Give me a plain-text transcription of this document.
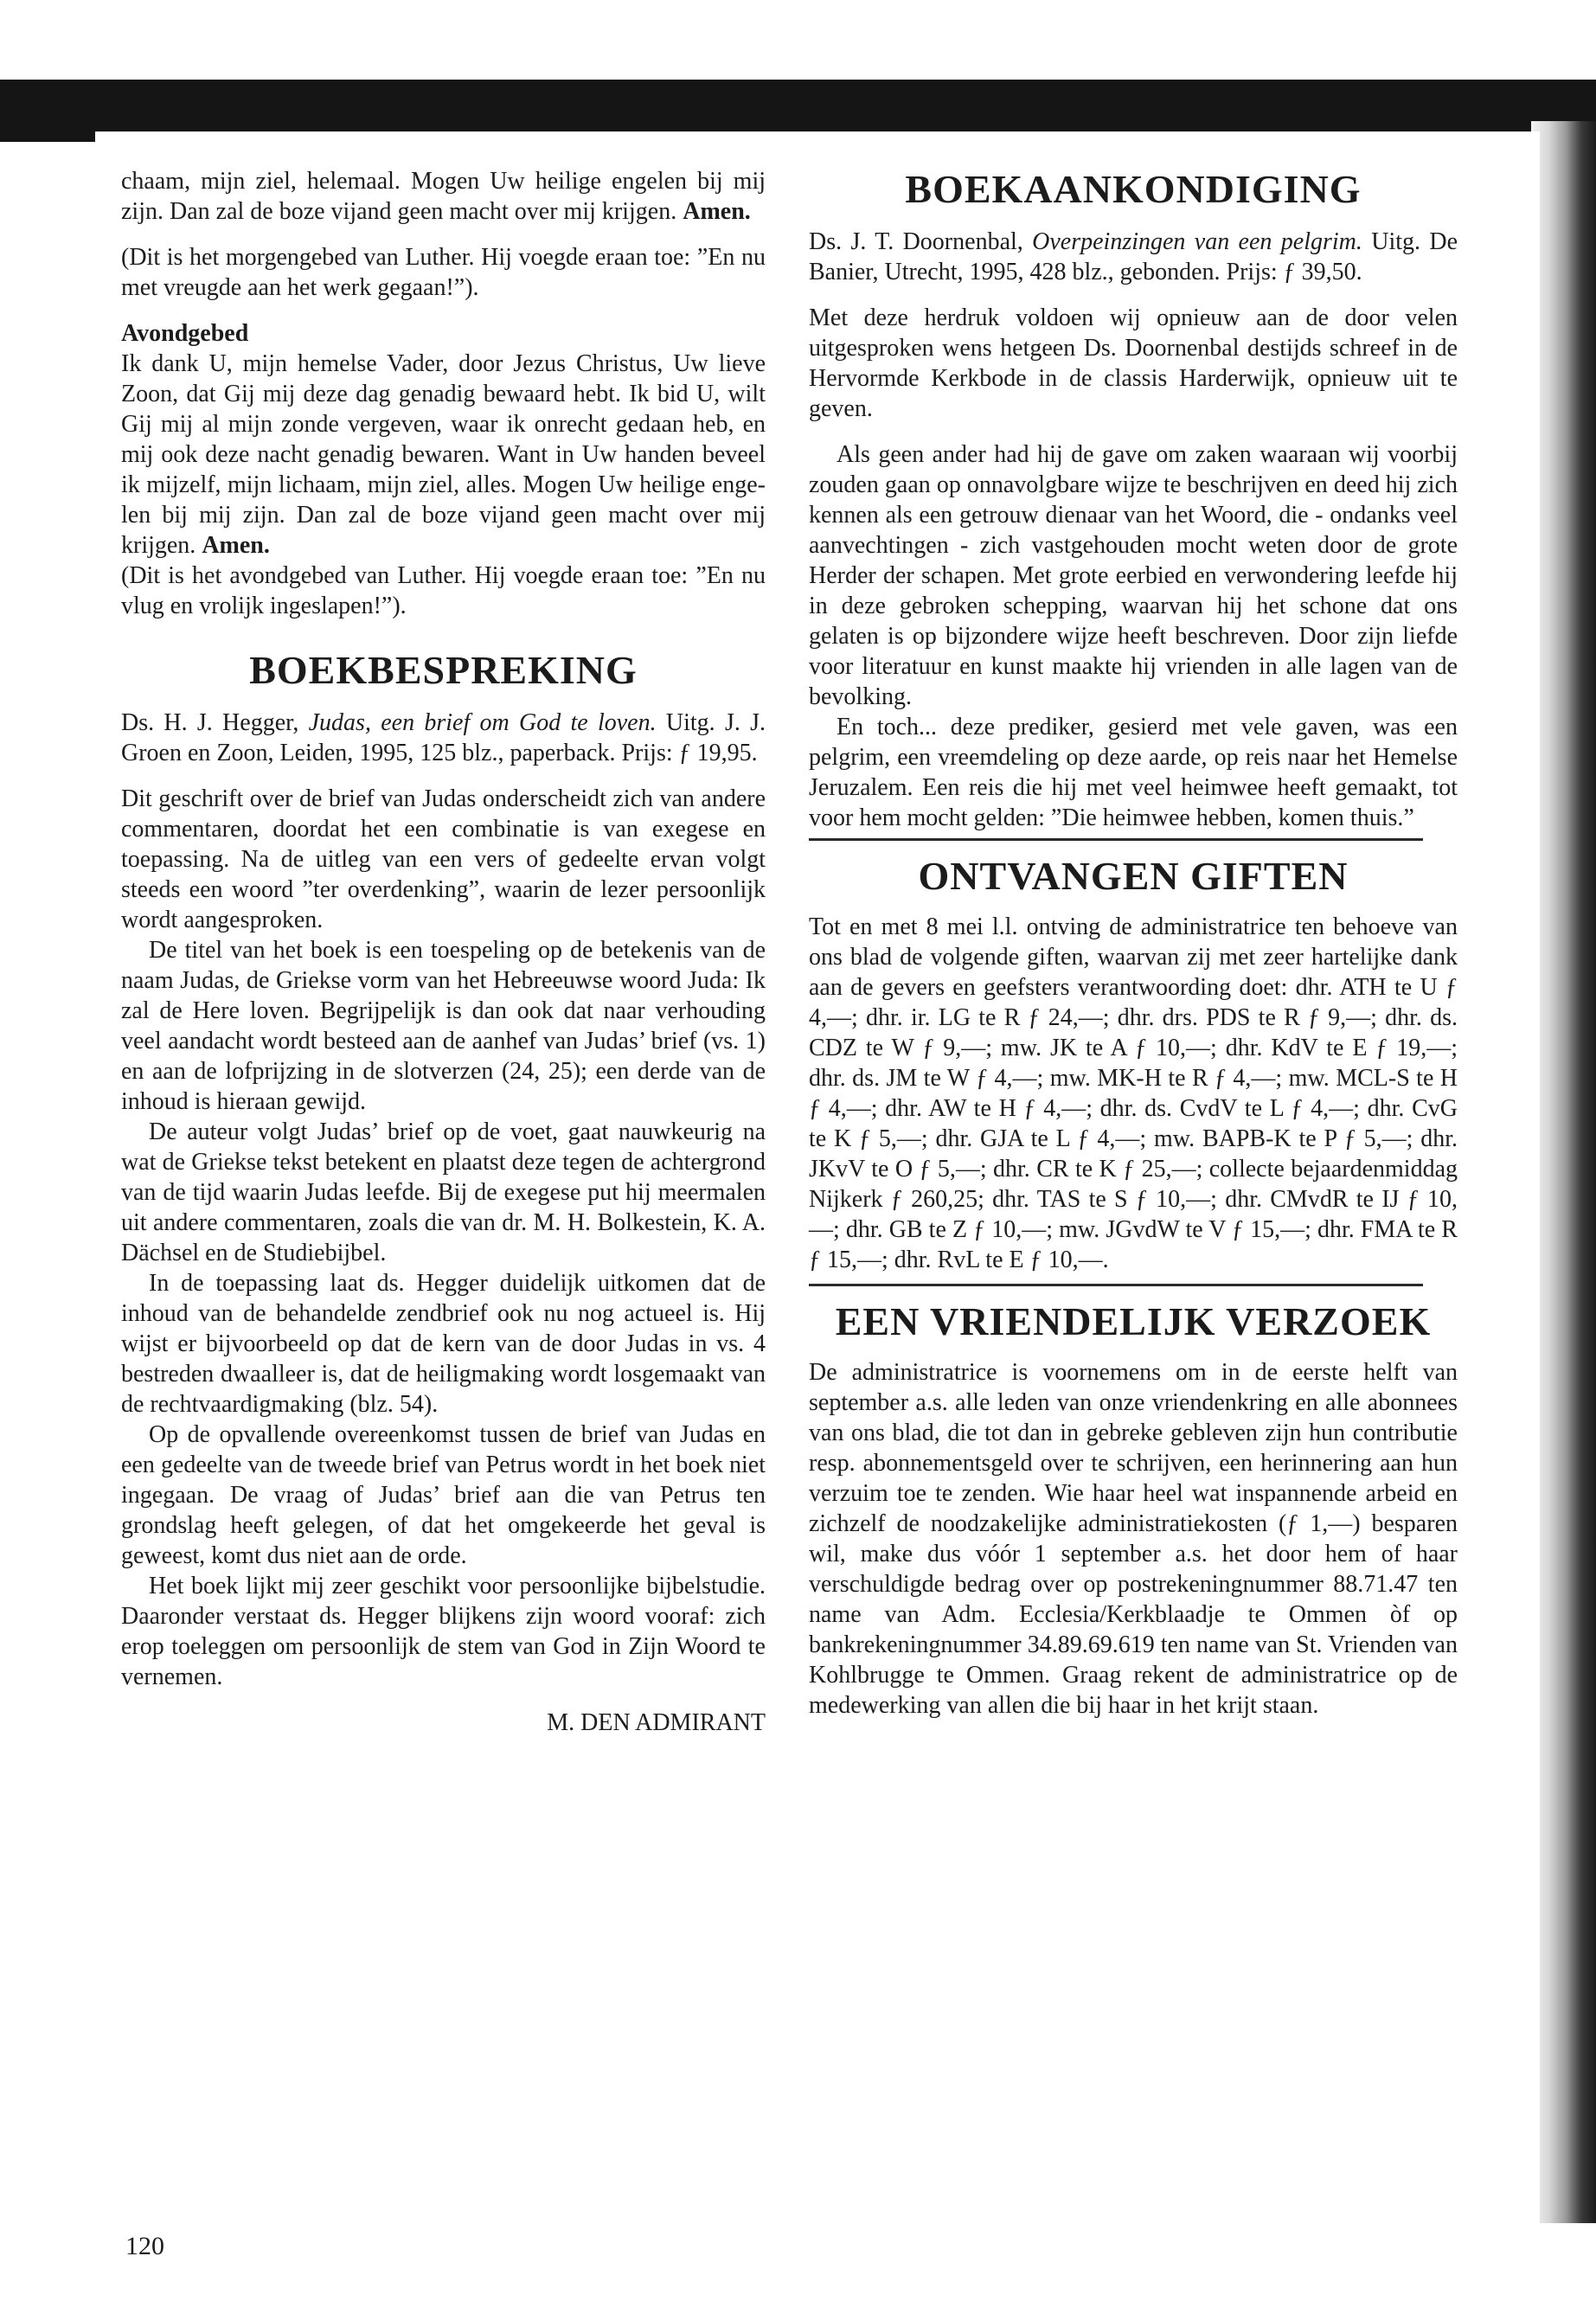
chaam, mijn ziel, helemaal. Mogen Uw heilige engelen bij mij zijn. Dan zal de boze vijand geen macht over mij krijgen. Amen.

(Dit is het morgengebed van Luther. Hij voegde eraan toe: ”En nu met vreugde aan het werk gegaan!”).

Avondgebed

Ik dank U, mijn hemelse Vader, door Jezus Christus, Uw lieve Zoon, dat Gij mij deze dag genadig bewaard hebt. Ik bid U, wilt Gij mij al mijn zonde vergeven, waar ik onrecht gedaan heb, en mij ook deze nacht genadig bewaren. Want in Uw handen beveel ik mijzelf, mijn lichaam, mijn ziel, alles. Mogen Uw heilige engelen bij mij zijn. Dan zal de boze vijand geen macht over mij krijgen. Amen.

(Dit is het avondgebed van Luther. Hij voegde eraan toe: ”En nu vlug en vrolijk ingeslapen!”).

BOEKBESPREKING

Ds. H. J. Hegger, Judas, een brief om God te loven. Uitg. J. J. Groen en Zoon, Leiden, 1995, 125 blz., paperback. Prijs: ƒ 19,95.

Dit geschrift over de brief van Judas onderscheidt zich van andere commentaren, doordat het een combinatie is van exegese en toepassing. Na de uitleg van een vers of gedeelte ervan volgt steeds een woord ”ter overdenking”, waarin de lezer persoonlijk wordt aangesproken.

De titel van het boek is een toespeling op de betekenis van de naam Judas, de Griekse vorm van het Hebreeuwse woord Juda: Ik zal de Here loven. Begrijpelijk is dan ook dat naar verhouding veel aandacht wordt besteed aan de aanhef van Judas’ brief (vs. 1) en aan de lofprijzing in de slotverzen (24, 25); een derde van de inhoud is hieraan gewijd.

De auteur volgt Judas’ brief op de voet, gaat nauwkeurig na wat de Griekse tekst betekent en plaatst deze tegen de achtergrond van de tijd waarin Judas leefde. Bij de exegese put hij meermalen uit andere commentaren, zoals die van dr. M. H. Bolkestein, K. A. Dächsel en de Studiebijbel.

In de toepassing laat ds. Hegger duidelijk uitkomen dat de inhoud van de behandelde zendbrief ook nu nog actueel is. Hij wijst er bijvoorbeeld op dat de kern van de door Judas in vs. 4 bestreden dwaalleer is, dat de heiligmaking wordt losgemaakt van de rechtvaardigmaking (blz. 54).

Op de opvallende overeenkomst tussen de brief van Judas en een gedeelte van de tweede brief van Petrus wordt in het boek niet ingegaan. De vraag of Judas’ brief aan die van Petrus ten grondslag heeft gelegen, of dat het omgekeerde het geval is geweest, komt dus niet aan de orde.

Het boek lijkt mij zeer geschikt voor persoonlijke bijbelstudie. Daaronder verstaat ds. Hegger blijkens zijn woord vooraf: zich erop toeleggen om persoonlijk de stem van God in Zijn Woord te vernemen.

M. DEN ADMIRANT

BOEKAANKONDIGING

Ds. J. T. Doornenbal, Overpeinzingen van een pelgrim. Uitg. De Banier, Utrecht, 1995, 428 blz., gebonden. Prijs: ƒ 39,50.

Met deze herdruk voldoen wij opnieuw aan de door velen uitgesproken wens hetgeen Ds. Doornenbal destijds schreef in de Hervormde Kerkbode in de classis Harderwijk, opnieuw uit te geven.

Als geen ander had hij de gave om zaken waaraan wij voorbij zouden gaan op onnavolgbare wijze te beschrijven en deed hij zich kennen als een getrouw dienaar van het Woord, die - ondanks veel aanvechtingen - zich vastgehouden mocht weten door de grote Herder der schapen. Met grote eerbied en verwondering leefde hij in deze gebroken schepping, waarvan hij het schone dat ons gelaten is op bijzondere wijze heeft beschreven. Door zijn liefde voor literatuur en kunst maakte hij vrienden in alle lagen van de bevolking.

En toch... deze prediker, gesierd met vele gaven, was een pelgrim, een vreemdeling op deze aarde, op reis naar het Hemelse Jeruzalem. Een reis die hij met veel heimwee heeft gemaakt, tot voor hem mocht gelden: ”Die heimwee hebben, komen thuis.”

ONTVANGEN GIFTEN

Tot en met 8 mei l.l. ontving de administratrice ten behoeve van ons blad de volgende giften, waarvan zij met zeer hartelijke dank aan de gevers en geefsters verantwoording doet: dhr. ATH te U ƒ 4,—; dhr. ir. LG te R ƒ 24,—; dhr. drs. PDS te R ƒ 9,—; dhr. ds. CDZ te W ƒ 9,—; mw. JK te A ƒ 10,—; dhr. KdV te E ƒ 19,—; dhr. ds. JM te W ƒ 4,—; mw. MK-H te R ƒ 4,—; mw. MCL-S te H ƒ 4,—; dhr. AW te H ƒ 4,—; dhr. ds. CvdV te L ƒ 4,—; dhr. CvG te K ƒ 5,—; dhr. GJA te L ƒ 4,—; mw. BAPB-K te P ƒ 5,—; dhr. JKvV te O ƒ 5,—; dhr. CR te K ƒ 25,—; collecte bejaardenmiddag Nijkerk ƒ 260,25; dhr. TAS te S ƒ 10,—; dhr. CMvdR te IJ ƒ 10,—; dhr. GB te Z ƒ 10,—; mw. JGvdW te V ƒ 15,—; dhr. FMA te R ƒ 15,—; dhr. RvL te E ƒ 10,—.

EEN VRIENDELIJK VERZOEK

De administratrice is voornemens om in de eerste helft van september a.s. alle leden van onze vriendenkring en alle abonnees van ons blad, die tot dan in gebreke gebleven zijn hun contributie resp. abonnementsgeld over te schrijven, een herinnering aan hun verzuim toe te zenden. Wie haar heel wat inspannende arbeid en zichzelf de noodzakelijke administratiekosten (ƒ 1,—) besparen wil, make dus vóór 1 september a.s. het door hem of haar verschuldigde bedrag over op postrekeningnummer 88.71.47 ten name van Adm. Ecclesia/Kerkblaadje te Ommen òf op bankrekeningnummer 34.89.69.619 ten name van St. Vrienden van Kohlbrugge te Ommen. Graag rekent de administratrice op de medewerking van allen die bij haar in het krijt staan.

120
